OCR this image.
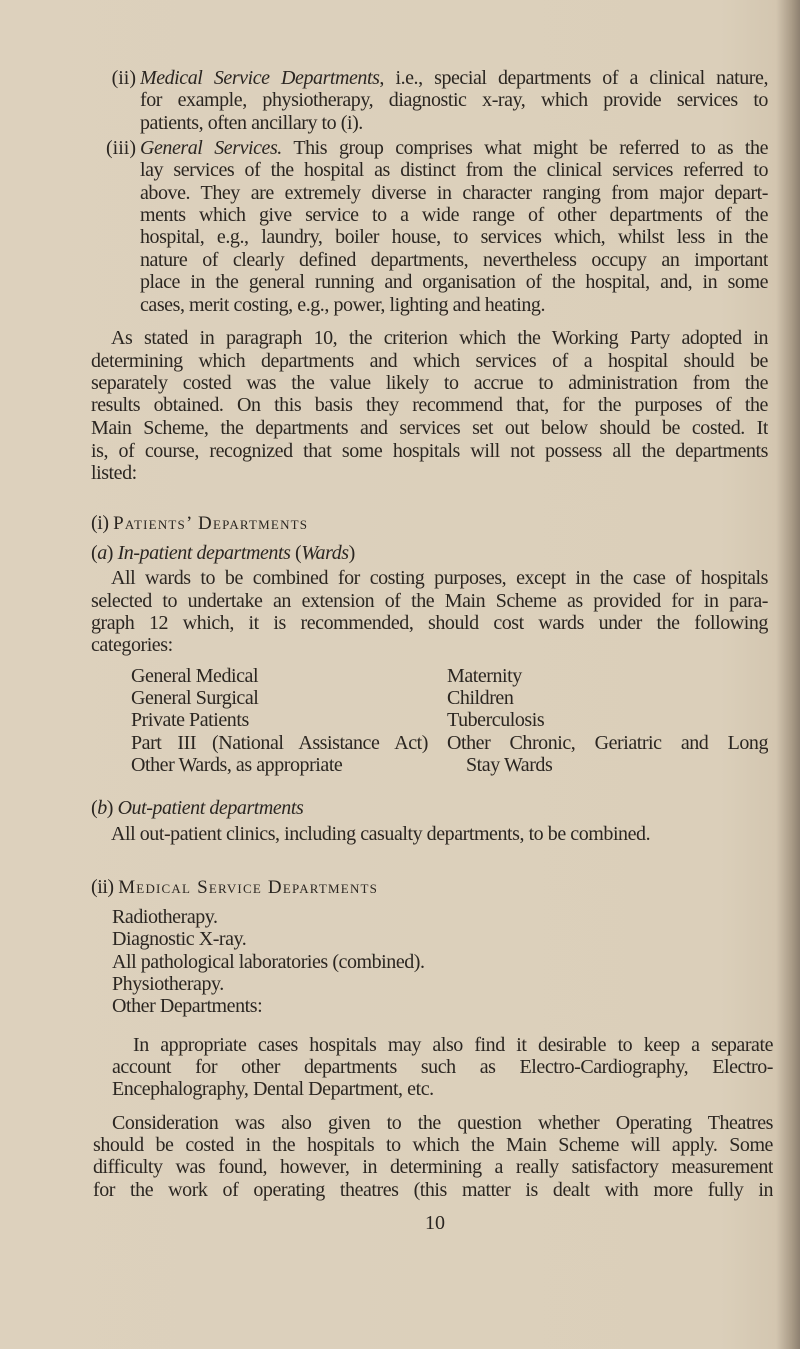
(ii) Medical Service Departments, i.e., special departments of a clinical nature,
for example, physiotherapy, diagnostic x-ray, which provide services to
patients, often ancillary to (i).
(iii) General Services. This group comprises what might be referred to as the
lay services of the hospital as distinct from the clinical services referred to
above. They are extremely diverse in character ranging from major depart-
ments which give service to a wide range of other departments of the
hospital, e.g., laundry, boiler house, to services which, whilst less in the
nature of clearly defined departments, nevertheless occupy an important
place in the general running and organisation of the hospital, and, in some
cases, merit costing, e.g., power, lighting and heating.
As stated in paragraph 10, the criterion which the Working Party adopted in
determining which departments and which services of a hospital should be
separately costed was the value likely to accrue to administration from the
results obtained. On this basis they recommend that, for the purposes of the
Main Scheme, the departments and services set out below should be costed. It
is, of course, recognized that some hospitals will not possess all the departments
listed:
(i) Patients’ Departments
(a) In-patient departments (Wards)
All wards to be combined for costing purposes, except in the case of hospitals
selected to undertake an extension of the Main Scheme as provided for in para-
graph 12 which, it is recommended, should cost wards under the following
categories:
General Medical
General Surgical
Private Patients
Part III (National Assistance Act)
Other Wards, as appropriate
Maternity
Children
Tuberculosis
Other Chronic, Geriatric and Long
Stay Wards
(b) Out-patient departments
All out-patient clinics, including casualty departments, to be combined.
(ii) Medical Service Departments
Radiotherapy.
Diagnostic X-ray.
All pathological laboratories (combined).
Physiotherapy.
Other Departments:
In appropriate cases hospitals may also find it desirable to keep a separate
account for other departments such as Electro-Cardiography, Electro-
Encephalography, Dental Department, etc.
Consideration was also given to the question whether Operating Theatres
should be costed in the hospitals to which the Main Scheme will apply. Some
difficulty was found, however, in determining a really satisfactory measurement
for the work of operating theatres (this matter is dealt with more fully in
10
